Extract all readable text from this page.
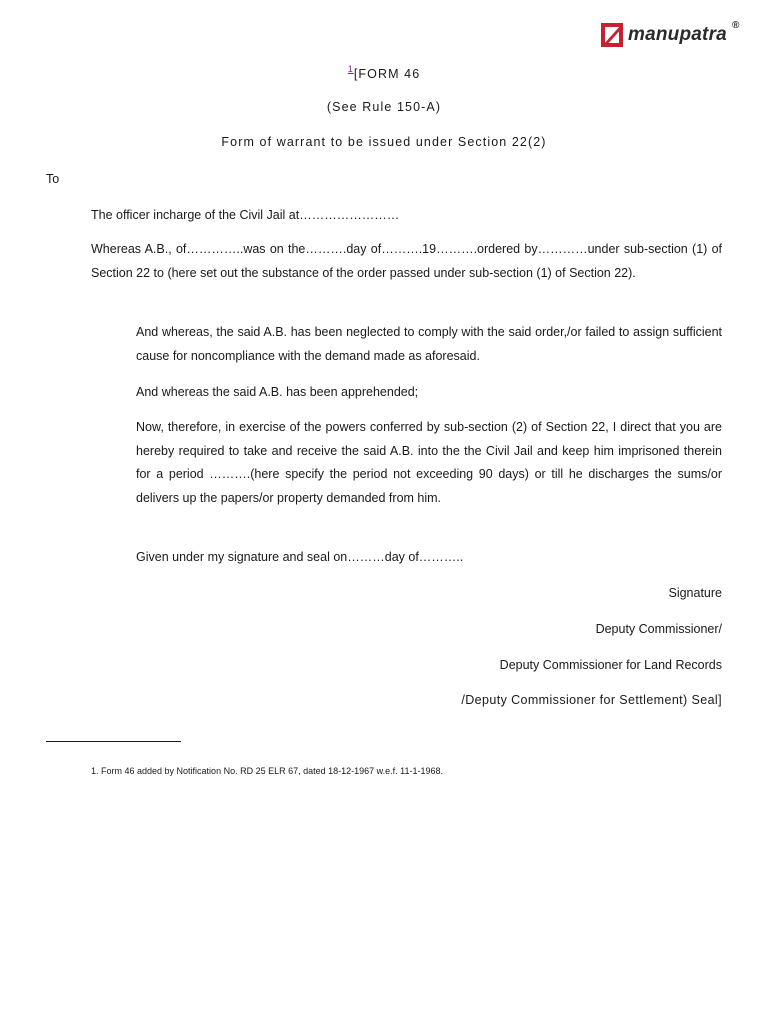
manupatra ®
$^1$[FORM 46
(See Rule 150-A)
Form of warrant to be issued under Section 22(2)
To
The officer incharge of the Civil Jail at……………………
Whereas A.B., of…………..was on the……….day of……….19……….ordered by…………under sub-section (1) of Section 22 to (here set out the substance of the order passed under sub-section (1) of Section 22).
And whereas, the said A.B. has been neglected to comply with the said order,/or failed to assign sufficient cause for noncompliance with the demand made as aforesaid.
And whereas the said A.B. has been apprehended;
Now, therefore, in exercise of the powers conferred by sub-section (2) of Section 22, I direct that you are hereby required to take and receive the said A.B. into the the Civil Jail and keep him imprisoned therein for a period ……….(here specify the period not exceeding 90 days) or till he discharges the sums/or delivers up the papers/or property demanded from him.
Given under my signature and seal on………day of………..
Signature
Deputy Commissioner/
Deputy Commissioner for Land Records
/Deputy Commissioner for Settlement) Seal]
1. Form 46 added by Notification No. RD 25 ELR 67, dated 18-12-1967 w.e.f. 11-1-1968.
